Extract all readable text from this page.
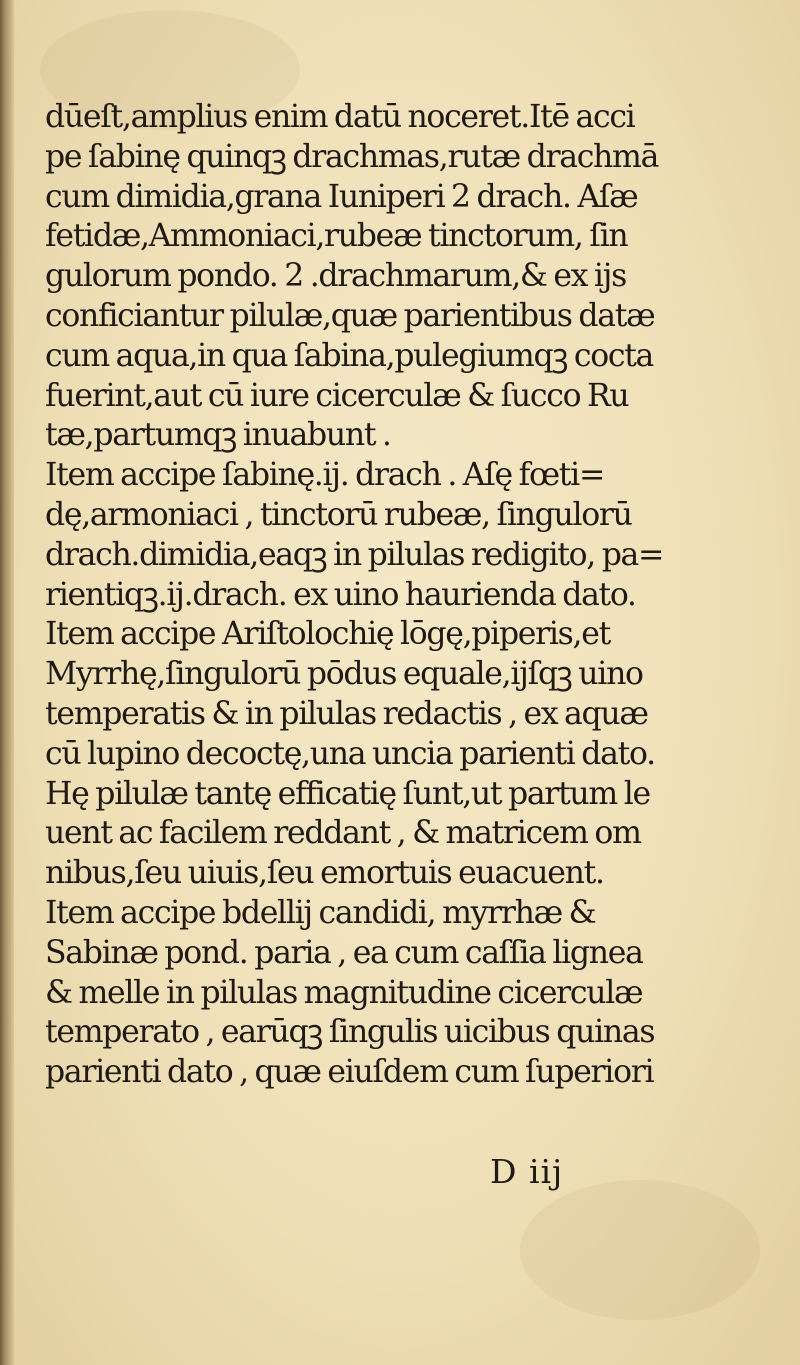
dūeſt,amplius enim datū noceret.Itē acci
pe ſabinę quinqꝫ drachmas,rutæ drachmā
cum dimidia,grana Iuniperi 2 drach. Aſæ
fetidæ,Ammoniaci,rubeæ tinctorum, ſin
gulorum pondo. 2 .drachmarum,& ex ijs
conficiantur pilulæ,quæ parientibus datæ
cum aqua,in qua ſabina,pulegiumqꝫ cocta
fuerint,aut cū iure cicerculæ & ſucco Ru
tæ,partumqꝫ inuabunt .
Item accipe ſabinę.ij. drach . Aſę fœti=
dę,armoniaci , tinctorū rubeæ, ſingulorū
drach.dimidia,eaqꝫ in pilulas redigito, pa=
rientiqꝫ.ij.drach. ex uino haurienda dato.
Item accipe Ariſtolochię lōgę,piperis,et
Myrrhę,ſingulorū pōdus equale,ijſqꝫ uino
temperatis & in pilulas redactis , ex aquæ
cū lupino decoctę,una uncia parienti dato.
Hę pilulæ tantę efficatię ſunt,ut partum le
uent ac facilem reddant , & matricem om
nibus,ſeu uiuis,ſeu emortuis euacuent.
Item accipe bdellij candidi, myrrhæ &
Sabinæ pond. paria , ea cum caſſia lignea
& melle in pilulas magnitudine cicerculæ
temperato , earūqꝫ ſingulis uicibus quinas
parienti dato , quæ eiuſdem cum ſuperiori
D iij
